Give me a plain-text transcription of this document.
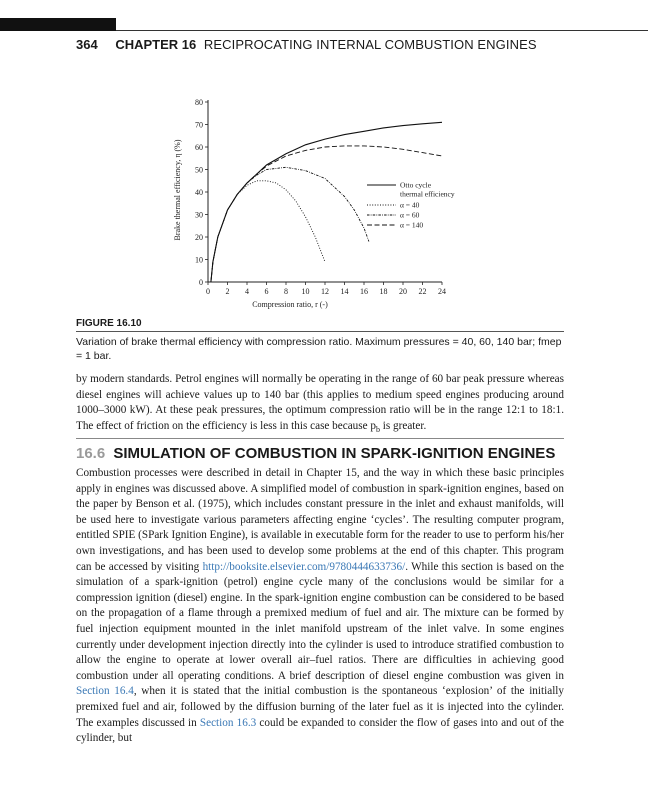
364 CHAPTER 16 RECIPROCATING INTERNAL COMBUSTION ENGINES
0 2 4 6 8 10 12 14 16 18 20 22 24
0
10
20
30
40
50
60
70
80
Otto cycle
thermal efficiency
α = 40
α = 60
α = 140
Compression ratio, r (-)
Brake thermal efficiency, η (%)
FIGURE 16.10
Variation of brake thermal efficiency with compression ratio. Maximum pressures = 40, 60, 140 bar; fmep = 1 bar.
by modern standards. Petrol engines will normally be operating in the range of 60 bar peak pressure whereas diesel engines will achieve values up to 140 bar (this applies to medium speed engines producing around 1000–3000 kW). At these peak pressures, the optimum compression ratio will be in the range 12:1 to 18:1. The effect of friction on the efficiency is less in this case because $p_b$ is greater.
16.6 SIMULATION OF COMBUSTION IN SPARK-IGNITION ENGINES
Combustion processes were described in detail in Chapter 15, and the way in which these basic principles apply in engines was discussed above. A simplified model of combustion in spark-ignition engines, based on the paper by Benson et al. (1975), which includes constant pressure in the inlet and exhaust manifolds, will be used here to investigate various parameters affecting engine ‘cycles’. The resulting computer program, entitled SPIE (SPark Ignition Engine), is available in executable form for the reader to use to perform his/her own investigations, and has been used to develop some problems at the end of this chapter. This program can be accessed by visiting http://booksite.elsevier.com/9780444633736/. While this section is based on the simulation of a spark-ignition (petrol) engine cycle many of the conclusions would be similar for a compression ignition (diesel) engine. In the spark-ignition engine combustion can be considered to be based on the propagation of a flame through a premixed medium of fuel and air. The mixture can be formed by fuel injection equipment mounted in the inlet manifold upstream of the inlet valve. In some engines currently under development injection directly into the cylinder is used to introduce stratified combustion to allow the engine to operate at lower overall air–fuel ratios. There are difficulties in achieving good combustion under all operating conditions. A brief description of diesel engine combustion was given in Section 16.4, when it is stated that the initial combustion is the spontaneous ‘explosion’ of the initially premixed fuel and air, followed by the diffusion burning of the later fuel as it is injected into the cylinder. The examples discussed in Section 16.3 could be expanded to consider the flow of gases into and out of the cylinder, but
